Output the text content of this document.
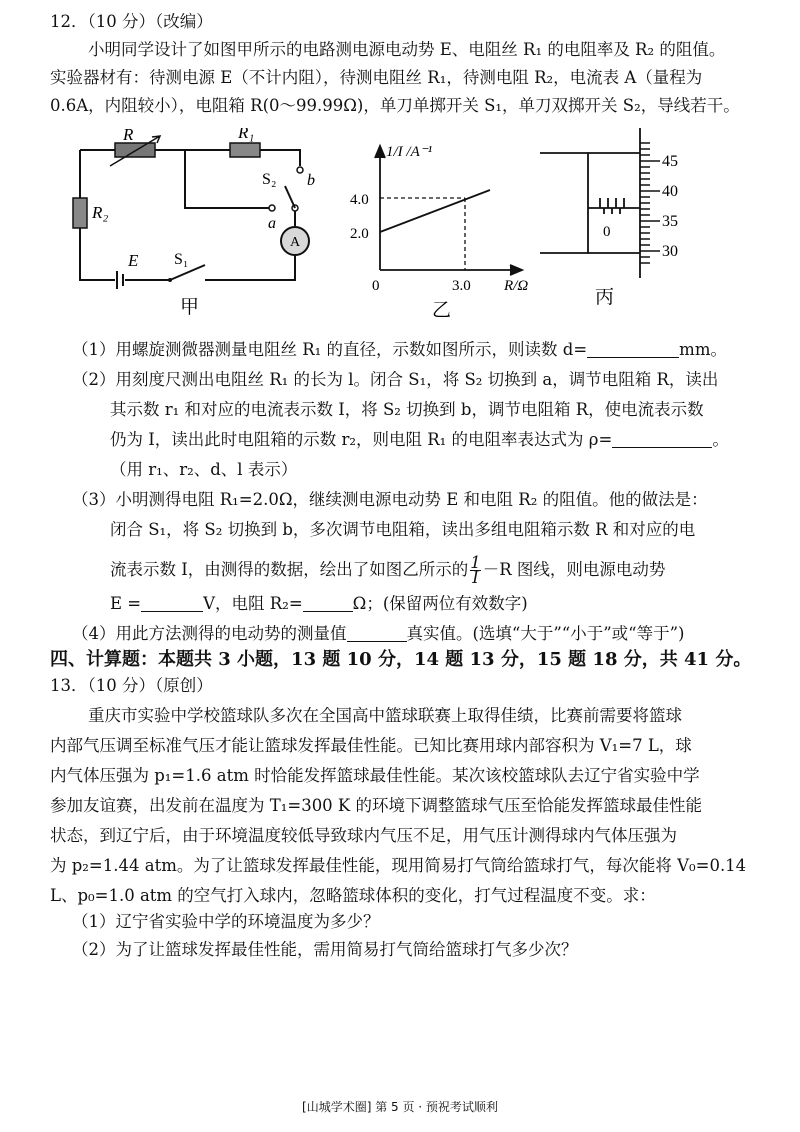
12．（10 分）（改编）
小明同学设计了如图甲所示的电路测电源电动势 E、电阻丝 R₁ 的电阻率及 R₂ 的阻值。
实验器材有：待测电源 E（不计内阻），待测电阻丝 R₁，待测电阻 R₂，电流表 A（量程为
0.6A，内阻较小），电阻箱 R(0～99.99Ω)，单刀单掷开关 S₁，单刀双掷开关 S₂，导线若干。
R	R₁
R₂
S₂ b
a
A
E S₁
甲
1/I /A⁻¹
4.0
2.0
0	3.0 R/Ω
乙
45
40
35
30
0
丙
（1）用螺旋测微器测量电阻丝 R₁ 的直径，示数如图所示，则读数 d=	mm。
（2）用刻度尺测出电阻丝 R₁ 的长为 l。闭合 S₁，将 S₂ 切换到 a，调节电阻箱 R，读出
其示数 r₁ 和对应的电流表示数 I，将 S₂ 切换到 b，调节电阻箱 R，使电流表示数
仍为 I，读出此时电阻箱的示数 r₂，则电阻 R₁ 的电阻率表达式为 ρ=	。
（用 r₁、r₂、d、l 表示）
（3）小明测得电阻 R₁=2.0Ω，继续测电源电动势 E 和电阻 R₂ 的阻值。他的做法是：
闭合 S₁，将 S₂ 切换到 b，多次调节电阻箱，读出多组电阻箱示数 R 和对应的电
流表示数 I，由测得的数据，绘出了如图乙所示的 $\frac{1}{I} -R$ 图线，则电源电动势
E =	V，电阻 R₂=	Ω；(保留两位有效数字)
（4）用此方法测得的电动势的测量值	真实值。(选填“大于”“小于”或“等于”)
四、计算题：本题共 3 小题，13 题 10 分，14 题 13 分，15 题 18 分，共 41 分。
13．（10 分）（原创）
重庆市实验中学校篮球队多次在全国高中篮球联赛上取得佳绩，比赛前需要将篮球
内部气压调至标准气压才能让篮球发挥最佳性能。已知比赛用球内部容积为 V₁=7 L，球
内气体压强为 p₁=1.6 atm 时恰能发挥篮球最佳性能。某次该校篮球队去辽宁省实验中学
参加友谊赛，出发前在温度为 T₁=300 K 的环境下调整篮球气压至恰能发挥篮球最佳性能
状态，到辽宁后，由于环境温度较低导致球内气压不足，用气压计测得球内气体压强为
为 p₂=1.44 atm。为了让篮球发挥最佳性能，现用简易打气筒给篮球打气，每次能将 V₀=0.14
L、p₀=1.0 atm 的空气打入球内，忽略篮球体积的变化，打气过程温度不变。求：
（1）辽宁省实验中学的环境温度为多少？
（2）为了让篮球发挥最佳性能，需用简易打气筒给篮球打气多少次？
[山城学术圈] 第 5 页 · 预祝考试顺利
